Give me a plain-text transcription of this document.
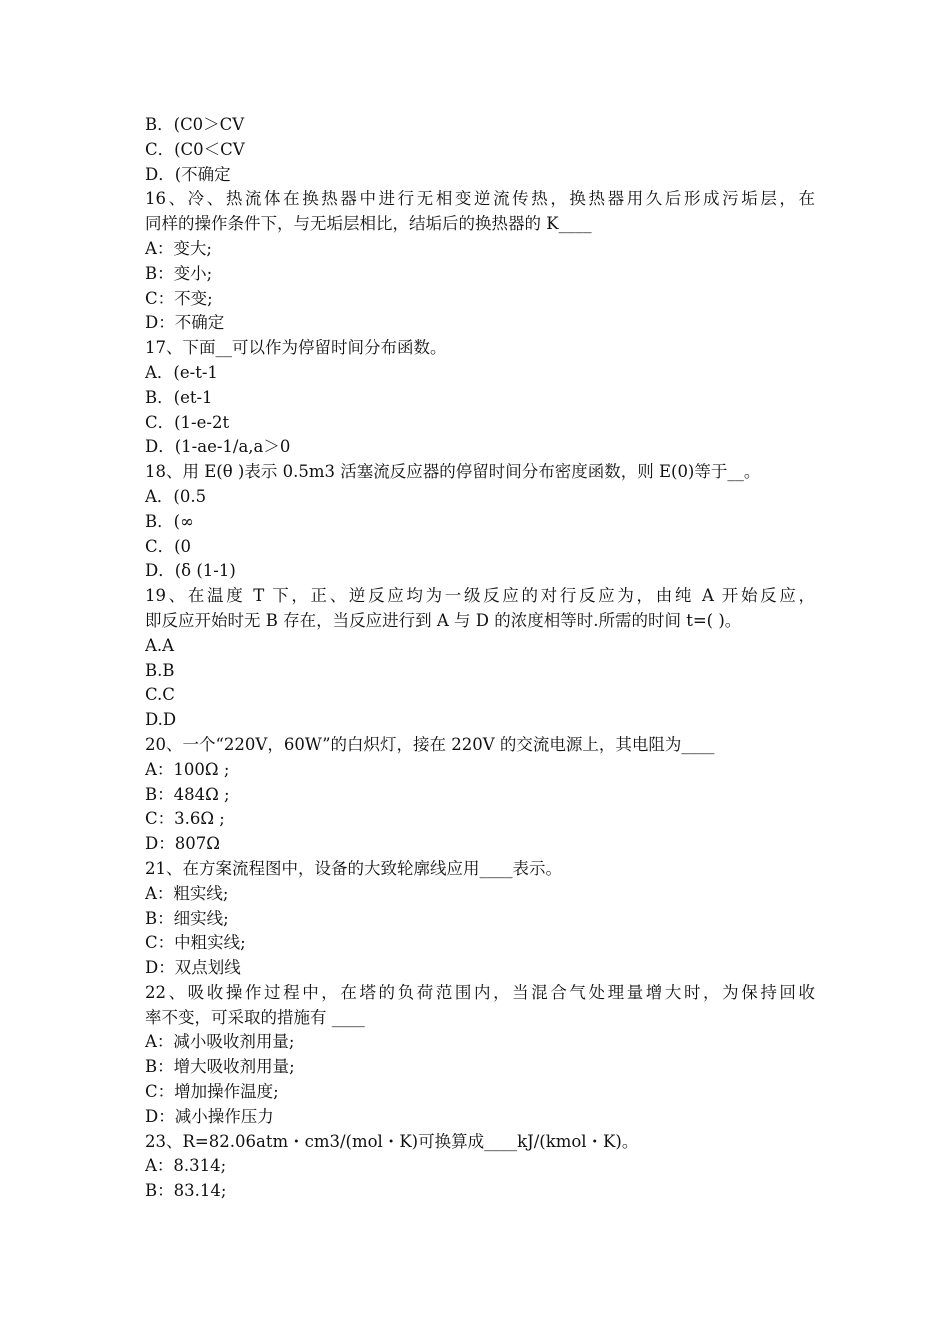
B．(C0＞CV
C．(C0＜CV
D．(不确定
16、冷、热流体在换热器中进行无相变逆流传热，换热器用久后形成污垢层，在
同样的操作条件下，与无垢层相比，结垢后的换热器的 K____
A：变大;
B：变小;
C：不变;
D：不确定
17、下面__可以作为停留时间分布函数。
A．(e-t-1
B．(et-1
C．(1-e-2t
D．(1-ae-1/a,a＞0
18、用 E(θ )表示 0.5m3 活塞流反应器的停留时间分布密度函数，则 E(0)等于__。
A．(0.5
B．(∞
C．(0
D．(δ (1-1)
19、在温度 T 下，正、逆反应均为一级反应的对行反应为，由纯 A 开始反应，
即反应开始时无 B 存在，当反应进行到 A 与 D 的浓度相等时.所需的时间 t=( )。
A.A
B.B
C.C
D.D
20、一个“220V，60W”的白炽灯，接在 220V 的交流电源上，其电阻为____
A：100Ω ;
B：484Ω ;
C：3.6Ω ;
D：807Ω
21、在方案流程图中，设备的大致轮廓线应用____表示。
A：粗实线;
B：细实线;
C：中粗实线;
D：双点划线
22、吸收操作过程中，在塔的负荷范围内，当混合气处理量增大时，为保持回收
率不变，可采取的措施有 ____
A：减小吸收剂用量;
B：增大吸收剂用量;
C：增加操作温度;
D：减小操作压力
23、R=82.06atm・cm3/(mol・K)可换算成____kJ/(kmol・K)。
A：8.314;
B：83.14;
